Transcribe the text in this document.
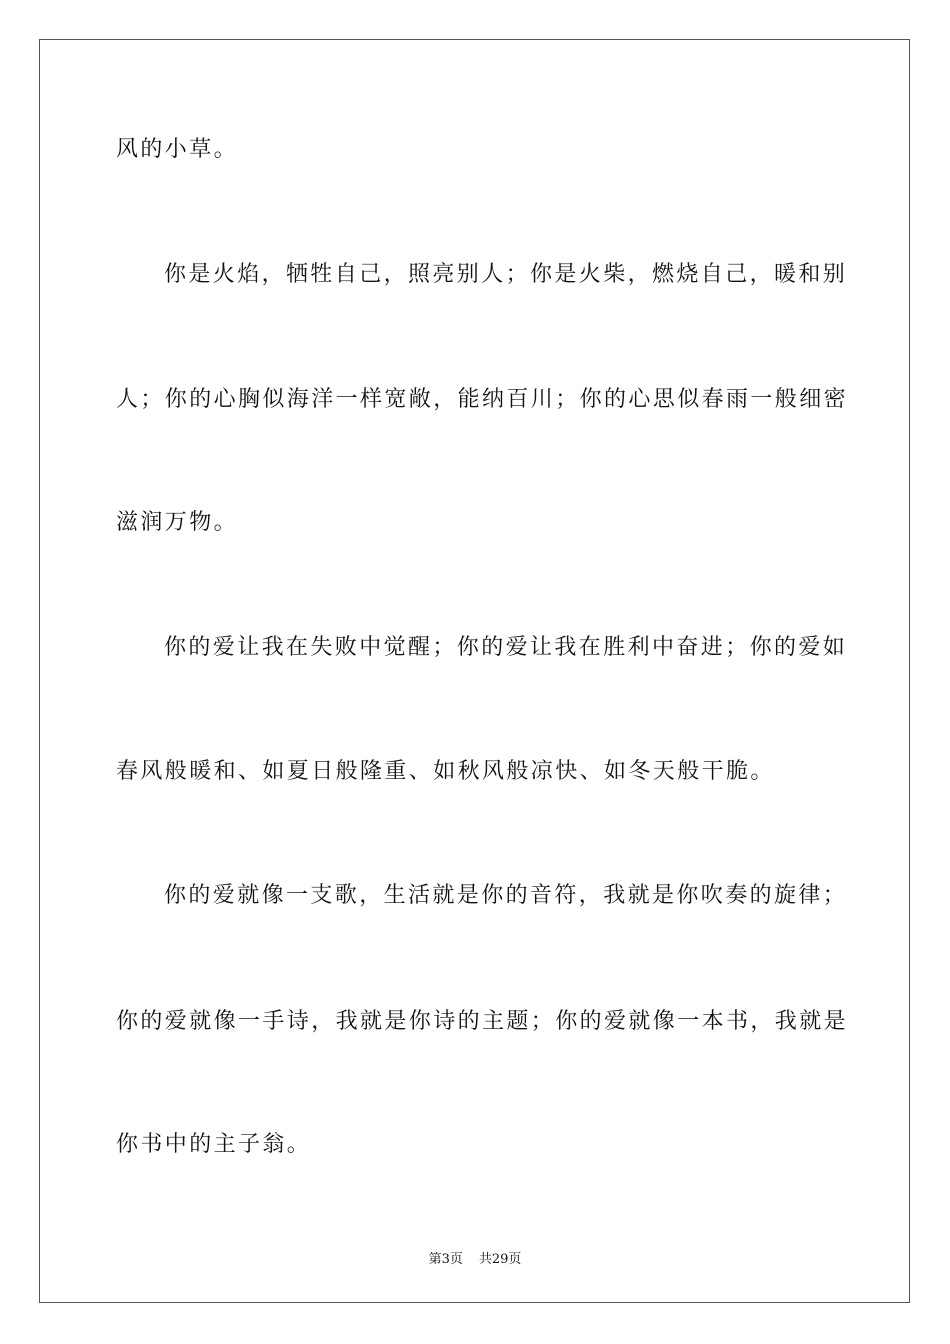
风的小草。
你是火焰，牺牲自己，照亮别人；你是火柴，燃烧自己，暖和别
人；你的心胸似海洋一样宽敞，能纳百川；你的心思似春雨一般细密
滋润万物。
你的爱让我在失败中觉醒；你的爱让我在胜利中奋进；你的爱如
春风般暖和、如夏日般隆重、如秋风般凉快、如冬天般干脆。
你的爱就像一支歌，生活就是你的音符，我就是你吹奏的旋律；
你的爱就像一手诗，我就是你诗的主题；你的爱就像一本书，我就是
你书中的主子翁。
第3页 共29页
